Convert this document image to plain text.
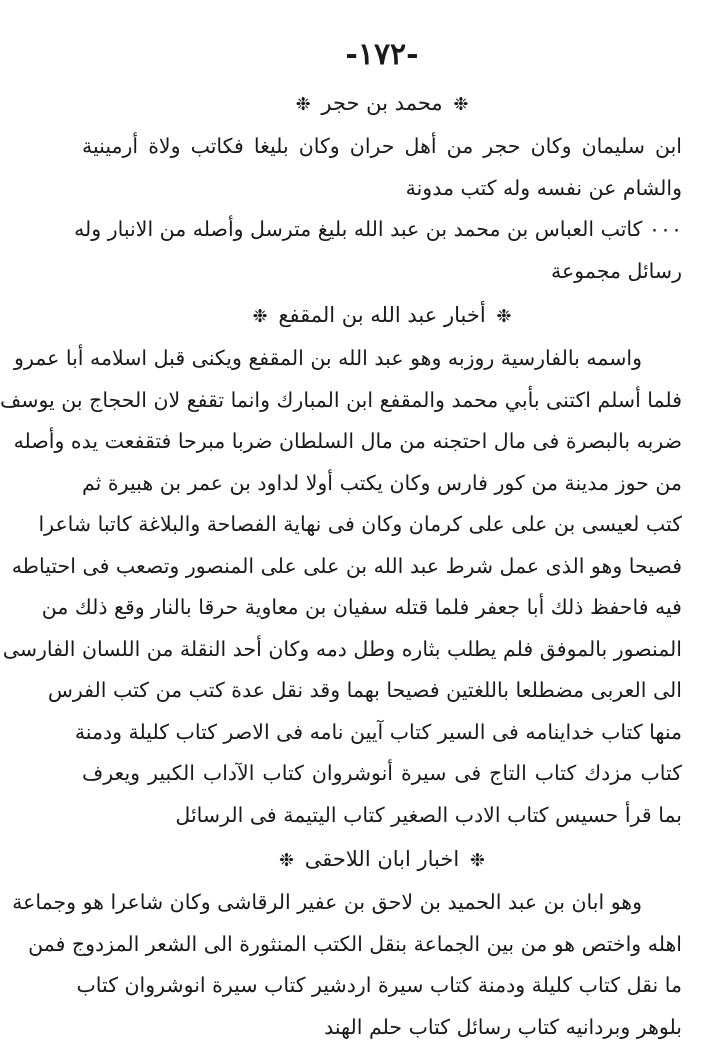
-١٧٢-
❉ محمد بن حجر ❉

ابن سليمان وكان حجر من أهل حران وكان بليغا فكاتب ولاة أرمينية

والشام عن نفسه وله كتب مدونة

٠٠٠ كاتب العباس بن محمد بن عبد الله بليغ مترسل وأصله من الانبار وله

رسائل مجموعة

❉ أخبار عبد الله بن المقفع ❉

واسمه بالفارسية روزبه وهو عبد الله بن المقفع ويكنى قبل اسلامه أبا عمرو

فلما أسلم اكتنى بأبي محمد والمقفع ابن المبارك وانما تقفع لان الحجاج بن يوسف

ضربه بالبصرة فى مال احتجنه من مال السلطان ضربا مبرحا فتقفعت يده وأصله

من حوز مدينة من كور فارس وكان يكتب أولا لداود بن عمر بن هبيرة ثم

كتب لعيسى بن على على كرمان وكان فى نهاية الفصاحة والبلاغة كاتبا شاعرا

فصيحا وهو الذى عمل شرط عبد الله بن على على المنصور وتصعب فى احتياطه

فيه فاحفظ ذلك أبا جعفر فلما قتله سفيان بن معاوية حرقا بالنار وقع ذلك من

المنصور بالموفق فلم يطلب بثاره وطل دمه وكان أحد النقلة من اللسان الفارسى

الى العربى مضطلعا باللغتين فصيحا بهما وقد نقل عدة كتب من كتب الفرس

منها كتاب خداينامه فى السير كتاب آيين نامه فى الاصر كتاب كليلة ودمنة

كتاب مزدك كتاب التاج فى سيرة أنوشروان كتاب الآداب الكبير ويعرف

بما قرأ حسيس كتاب الادب الصغير كتاب اليتيمة فى الرسائل

❉ اخبار ابان اللاحقى ❉

وهو ابان بن عبد الحميد بن لاحق بن عفير الرقاشى وكان شاعرا هو وجماعة

اهله واختص هو من بين الجماعة بنقل الكتب المنثورة الى الشعر المزدوج فمن

ما نقل كتاب كليلة ودمنة كتاب سيرة اردشير كتاب سيرة انوشروان كتاب

بلوهر وبردانيه كتاب رسائل كتاب حلم الهند
